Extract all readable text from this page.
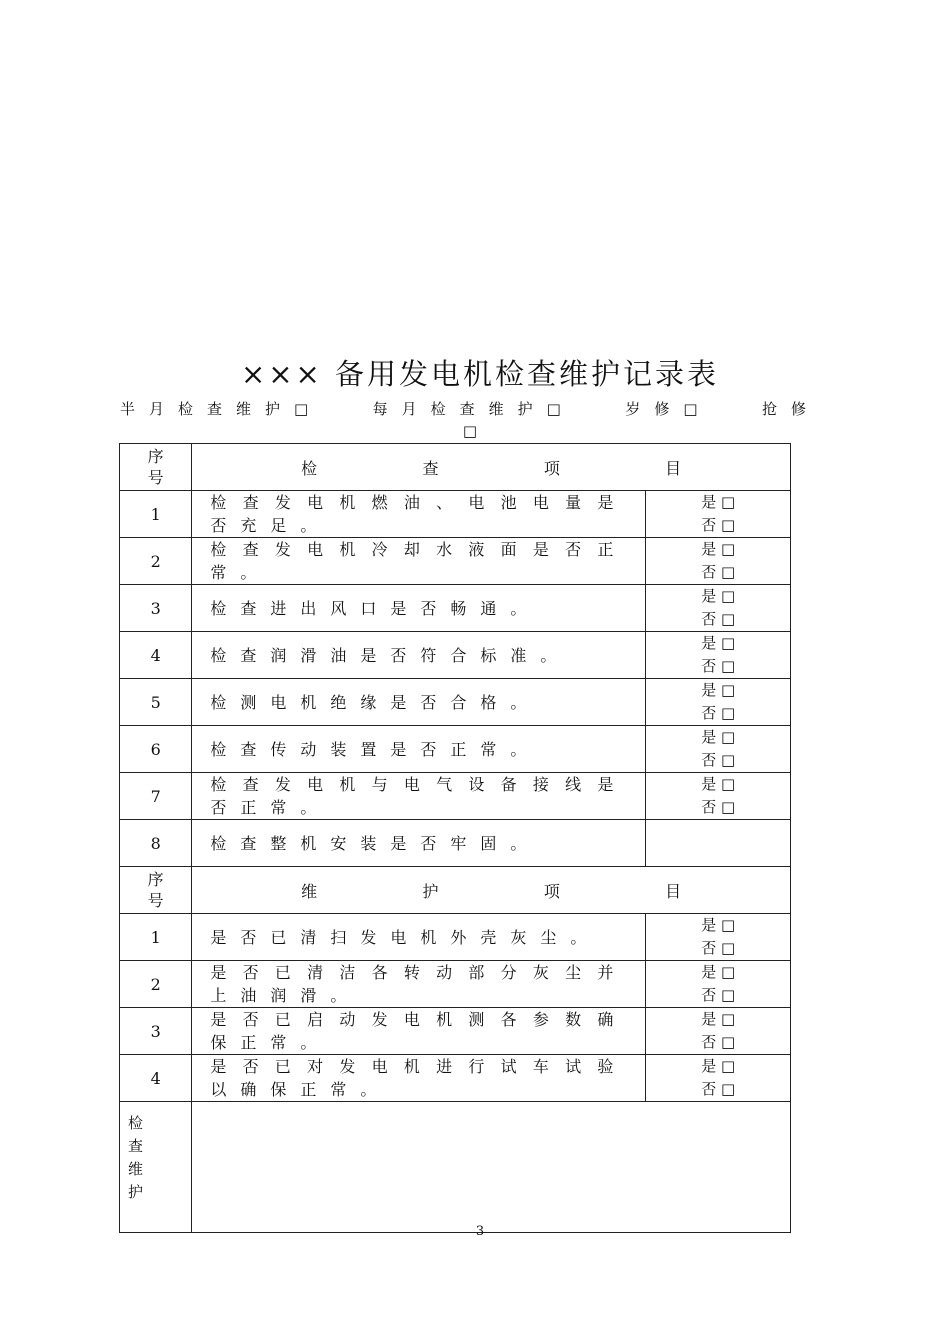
××× 备用发电机检查维护记录表
半月检查维护□	每月检查维护□	岁修□	抢修
□
序
号	检 查 项 目	

1	检查发电机燃油、电池电量是否充足。	是 □
否 □

2	检查发电机冷却水液面是否正常。	是 □
否 □

3	检查进出风口是否畅通。	是 □
否 □

4	检查润滑油是否符合标准。	是 □
否 □

5	检测电机绝缘是否合格。	是 □
否 □

6	检查传动装置是否正常。	是 □
否 □

7	检查发电机与电气设备接线是否正常。	是 □
否 □

8	检查整机安装是否牢固。	
序
号	维 护 项 目	

1	是否已清扫发电机外壳灰尘。	是 □
否 □

2	是否已清洁各转动部分灰尘并上油润滑。	是 □
否 □

3	是否已启动发电机测各参数确保正常。	是 □
否 □

4	是否已对发电机进行试车试验以确保正常。	是 □
否 □

检
查
维
护		
3
